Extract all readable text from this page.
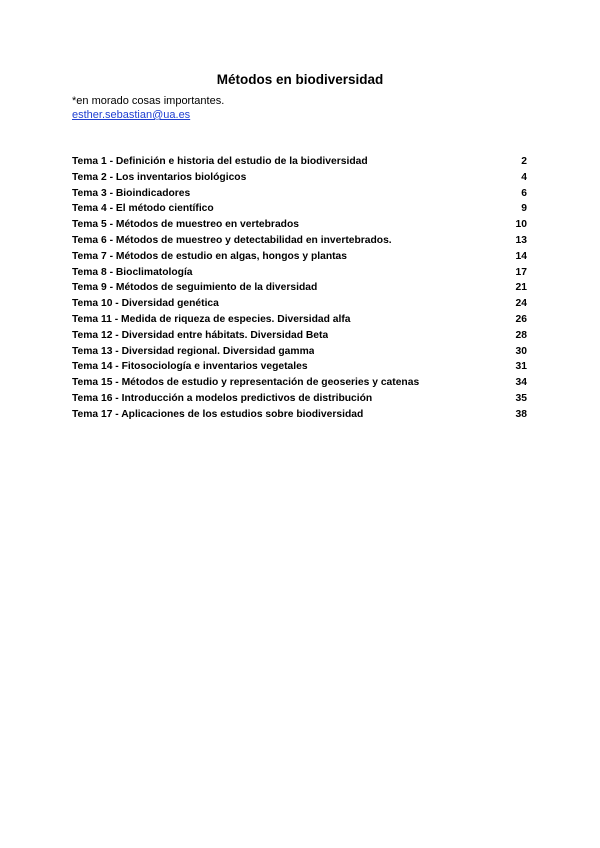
Métodos en biodiversidad

*en morado cosas importantes.

esther.sebastian@ua.es
Tema 1 - Definición e historia del estudio de la biodiversidad	2
Tema 2 - Los inventarios biológicos	4
Tema 3 - Bioindicadores	6
Tema 4 - El método científico	9
Tema 5 - Métodos de muestreo en vertebrados	10
Tema 6 - Métodos de muestreo y detectabilidad en invertebrados.	13
Tema 7 - Métodos de estudio en algas, hongos y plantas	14
Tema 8 - Bioclimatología	17
Tema 9 - Métodos de seguimiento de la diversidad	21
Tema 10 - Diversidad genética	24
Tema 11 - Medida de riqueza de especies. Diversidad alfa	26
Tema 12 - Diversidad entre hábitats. Diversidad Beta	28
Tema 13 - Diversidad regional. Diversidad gamma	30
Tema 14 - Fitosociología e inventarios vegetales	31
Tema 15 - Métodos de estudio y representación de geoseries y catenas	34
Tema 16 - Introducción a modelos predictivos de distribución	35
Tema 17 - Aplicaciones de los estudios sobre biodiversidad	38
